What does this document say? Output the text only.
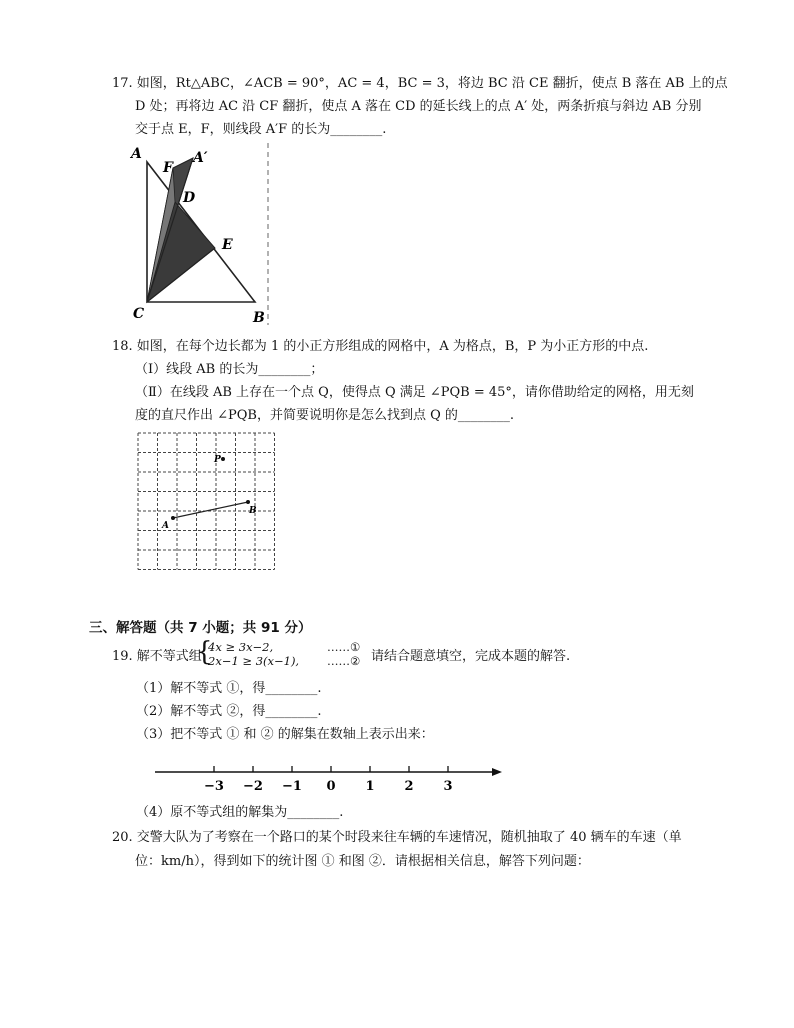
17. 如图，Rt△ABC，∠ACB = 90°，AC = 4，BC = 3，将边 BC 沿 CE 翻折，使点 B 落在 AB 上的点
D 处；再将边 AC 沿 CF 翻折，使点 A 落在 CD 的延长线上的点 A′ 处，两条折痕与斜边 AB 分别
交于点 E，F，则线段 A′F 的长为________.
A
F
A′
D
E
C	B
18. 如图，在每个边长都为 1 的小正方形组成的网格中，A 为格点，B，P 为小正方形的中点.
（Ⅰ）线段 AB 的长为________；
（Ⅱ）在线段 AB 上存在一个点 Q，使得点 Q 满足 ∠PQB = 45°，请你借助给定的网格，用无刻
度的直尺作出 ∠PQB，并简要说明你是怎么找到点 Q 的________.
P
A
B
三、解答题（共 7 小题；共 91 分）
19. 解不等式组
{
4x ≥ 3x−2,
2x−1 ≥ 3(x−1),
……①
……② 请结合题意填空，完成本题的解答.
（1）解不等式 ①，得________.
（2）解不等式 ②，得________.
（3）把不等式 ① 和 ② 的解集在数轴上表示出来：
−3 −2 −1 0 1 2 3
（4）原不等式组的解集为________.
20. 交警大队为了考察在一个路口的某个时段来往车辆的车速情况，随机抽取了 40 辆车的车速（单
位：km/h），得到如下的统计图 ① 和图 ②．请根据相关信息，解答下列问题：
